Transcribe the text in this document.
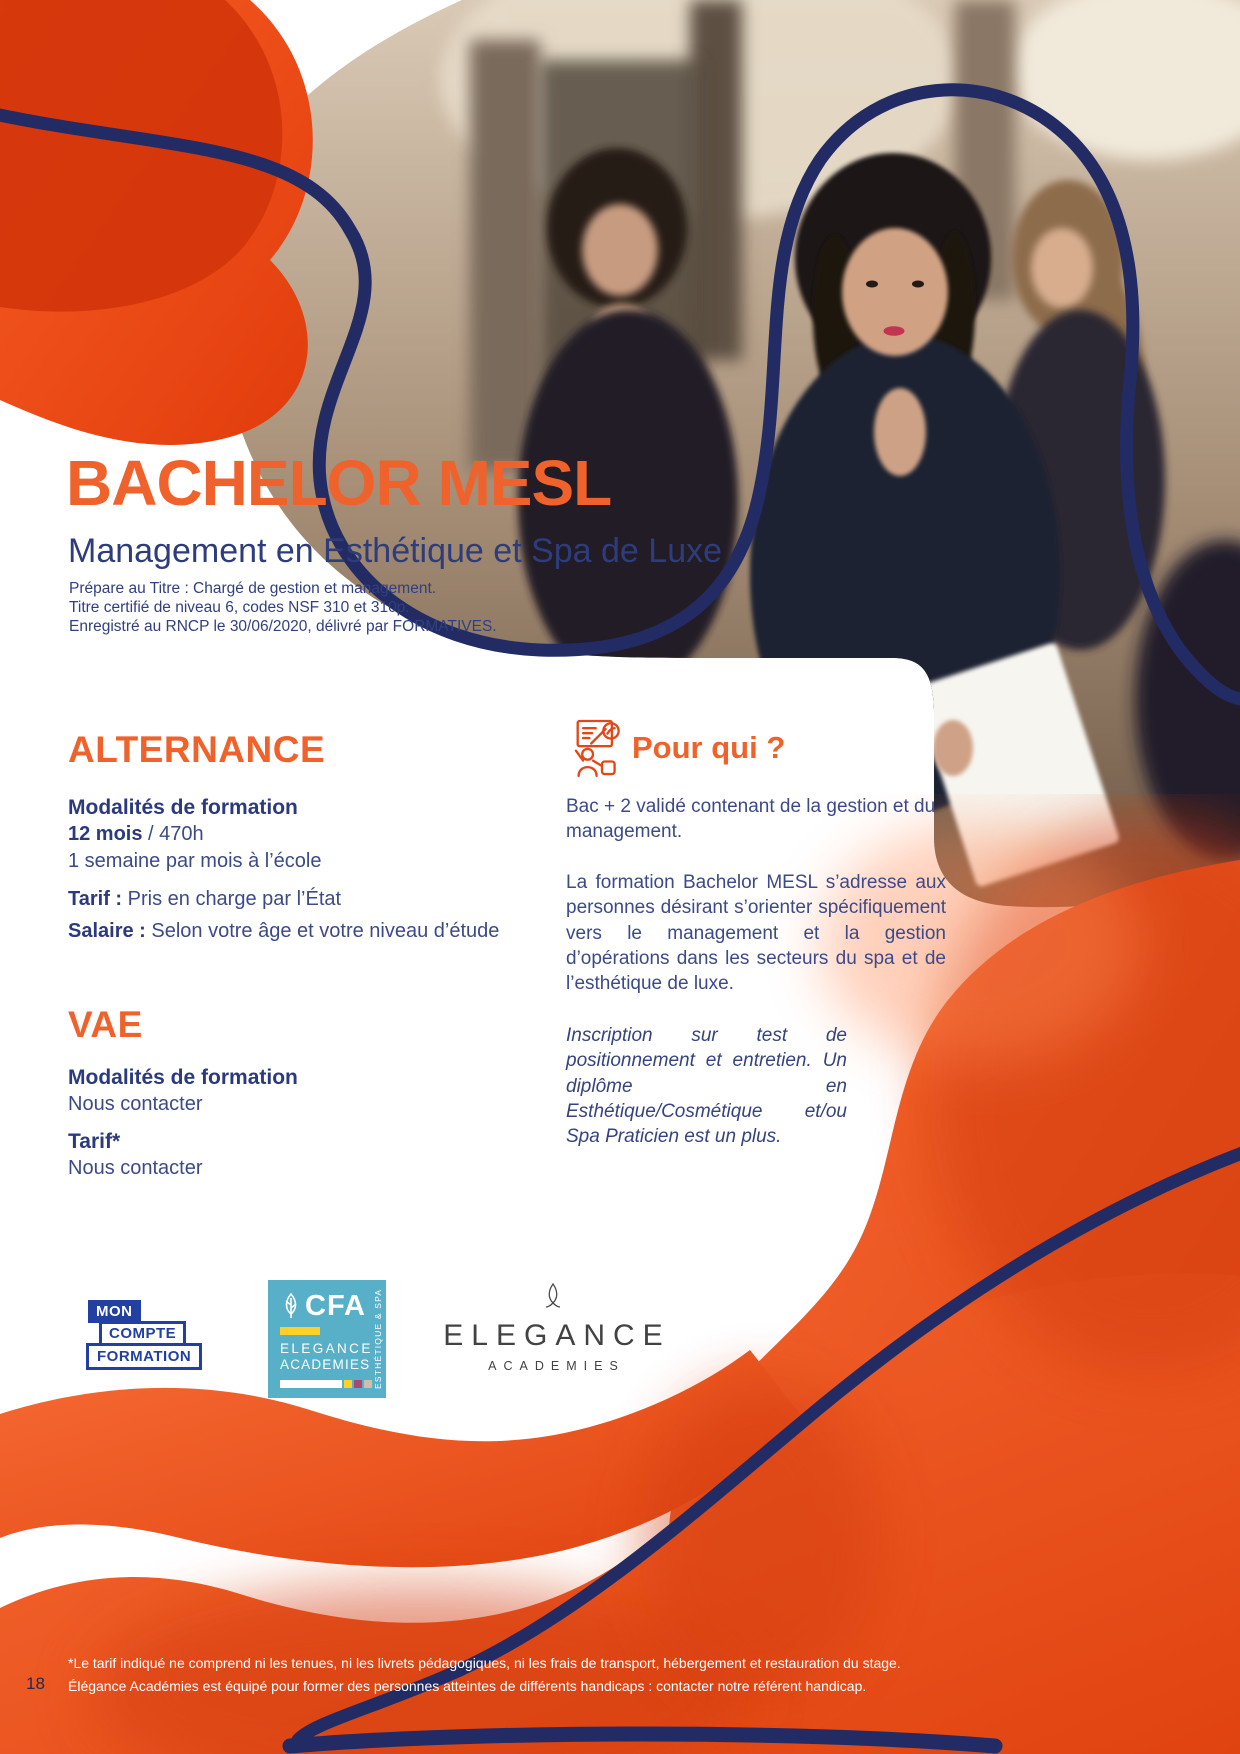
BACHELOR MESL
Management en Esthétique et Spa de Luxe
Prépare au Titre : Chargé de gestion et management.
Titre certifié de niveau 6, codes NSF 310 et 310p.
Enregistré au RNCP le 30/06/2020, délivré par FORMATIVES.
ALTERNANCE
Modalités de formation
12 mois / 470h
1 semaine par mois à l’école
Tarif : Pris en charge par l’État
Salaire : Selon votre âge et votre niveau d’étude
VAE
Modalités de formation
Nous contacter
Tarif*
Nous contacter
Pour qui ?

Bac + 2 validé contenant de la gestion et du management.

La formation Bachelor MESL s’adresse aux personnes désirant s’orienter spécifiquement vers le management et la gestion d’opérations dans les secteurs du spa et de l’esthétique de luxe.

Inscription sur test de positionnement et entretien. Un diplôme en Esthétique/Cosmétique et/ou Spa Praticien est un plus.

MON
COMPTE
FORMATION
CFA
ELEGANCE
ACADEMIES ESTHÉTIQUE & SPA	ELEGANCE
ACADEMIES
*Le tarif indiqué ne comprend ni les tenues, ni les livrets pédagogiques, ni les frais de transport, hébergement et restauration du stage.
Élégance Académies est équipé pour former des personnes atteintes de différents handicaps : contacter notre référent handicap.
18
